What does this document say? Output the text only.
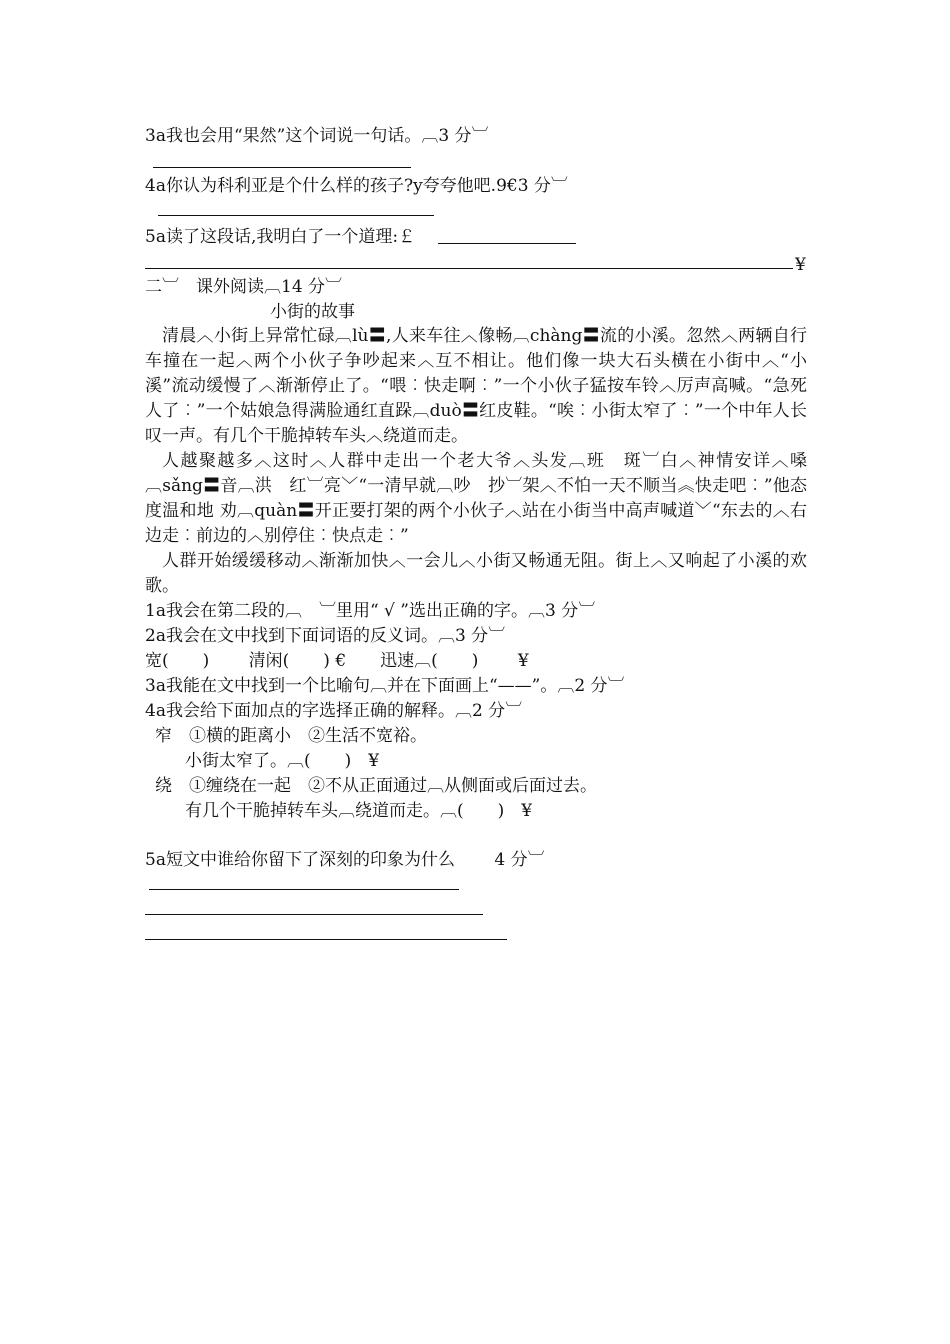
3a我也会用“果然”这个词说一句话。︹3 分︺
4a你认为科利亚是个什么样的孩子?y夸夸他吧.9€3 分︺
5a读了这段话,我明白了一个道理:￡
¥
二︺　课外阅读︹14 分︺
小街的故事
清晨︿小街上异常忙碌︹lù〓,人来车往︿像畅︹chàng〓流的小溪。忽然︿两辆自行车撞在一起︿两个小伙子争吵起来︿互不相让。他们像一块大石头横在小街中︿“小溪”流动缓慢了︿渐渐停止了。“喂︰快走啊︰”一个小伙子猛按车铃︿厉声高喊。“急死人了︰”一个姑娘急得满脸通红直跺︹duò〓红皮鞋。“唉︰小街太窄了︰”一个中年人长叹一声。有几个干脆掉转车头︿绕道而走。
人越聚越多︿这时︿人群中走出一个老大爷︿头发︹班　斑︺白︿神情安详︿嗓︹sǎng〓音︹洪　红︺亮﹀“一清早就︹吵　抄︺架︿不怕一天不顺当︽快走吧︰”他态度温和地 劝︹quàn〓开正要打架的两个小伙子︿站在小街当中高声喊道﹀“东去的︿右边走︰前边的︿别停住︰快点走︰”
人群开始缓缓移动︿渐渐加快︿一会儿︿小街又畅通无阻。街上︿又响起了小溪的欢歌。
1a我会在第二段的︹　︺里用“ √ ”选出正确的字。︹3 分︺
2a我会在文中找到下面词语的反义词。︹3 分︺
宽(　　)　　 清闲(　　) €　　迅速︹(　　)　　 ¥
3a我能在文中找到一个比喻句︹并在下面画上“——”。︹2 分︺
4a我会给下面加点的字选择正确的解释。︹2 分︺
窄　①横的距离小　②生活不宽裕。
小街太窄了。︹(　　)　¥
绕　①缠绕在一起　②不从正面通过︹从侧面或后面过去。
有几个干脆掉转车头︹绕道而走。︹(　　)　¥
5a短文中谁给你留下了深刻的印象为什么　　 4 分︺
